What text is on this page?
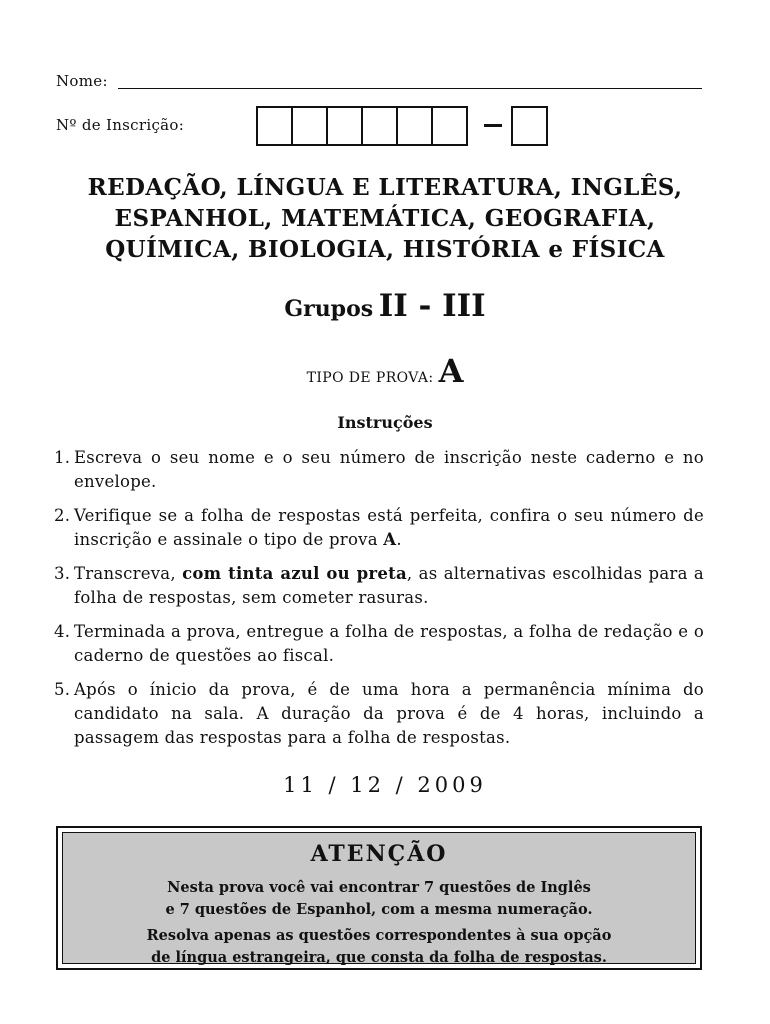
Nome:
Nº de Inscrição:
REDAÇÃO, LÍNGUA E LITERATURA, INGLÊS, ESPANHOL, MATEMÁTICA, GEOGRAFIA, QUÍMICA, BIOLOGIA, HISTÓRIA e FÍSICA
Grupos II - III
TIPO DE PROVA: A
Instruções
1. Escreva o seu nome e o seu número de inscrição neste caderno e no envelope.
2. Verifique se a folha de respostas está perfeita, confira o seu número de inscrição e assinale o tipo de prova A.
3. Transcreva, com tinta azul ou preta, as alternativas escolhidas para a folha de respostas, sem cometer rasuras.
4. Terminada a prova, entregue a folha de respostas, a folha de redação e o caderno de questões ao fiscal.
5. Após o ínicio da prova, é de uma hora a permanência mínima do candidato na sala. A duração da prova é de 4 horas, incluindo a passagem das respostas para a folha de respostas.
11 / 12 / 2009
ATENÇÃO
Nesta prova você vai encontrar 7 questões de Inglês
e 7 questões de Espanhol, com a mesma numeração.
Resolva apenas as questões correspondentes à sua opção
de língua estrangeira, que consta da folha de respostas.
